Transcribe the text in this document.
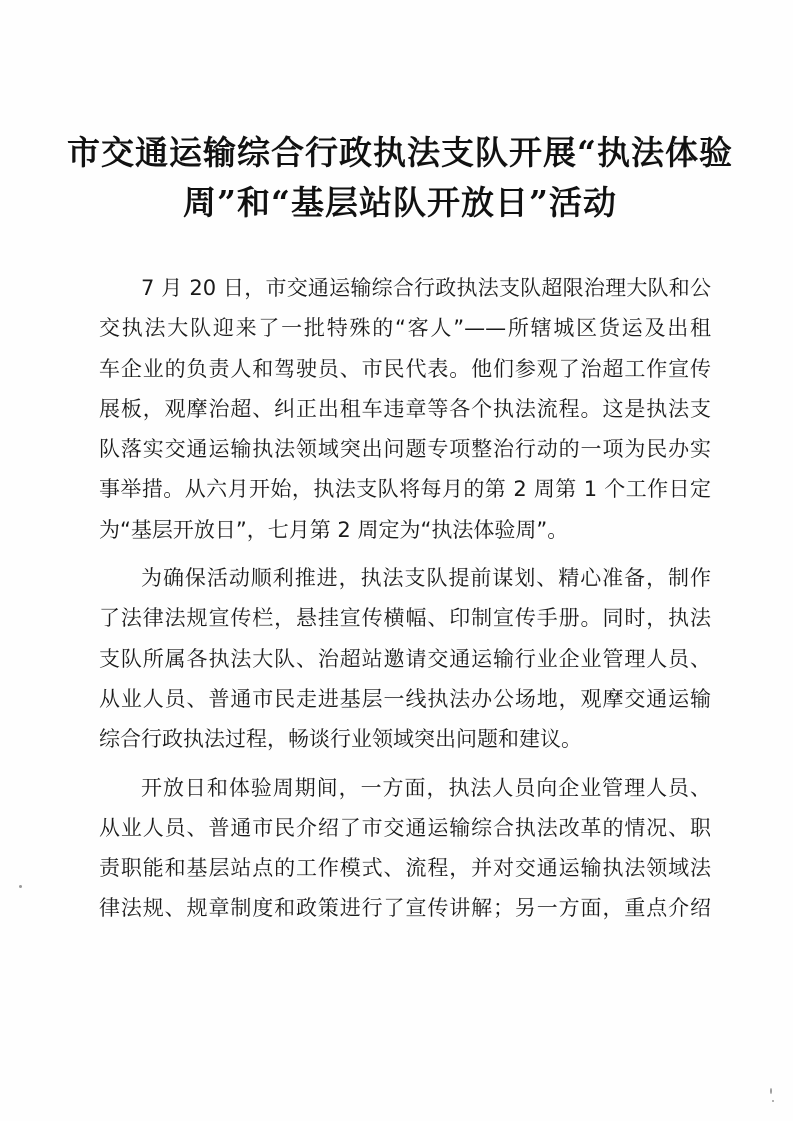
市交通运输综合行政执法支队开展“执法体验
周”和“基层站队开放日”活动
7 月 20 日，市交通运输综合行政执法支队超限治理大队和公
交执法大队迎来了一批特殊的“客人”——所辖城区货运及出租
车企业的负责人和驾驶员、市民代表。他们参观了治超工作宣传
展板，观摩治超、纠正出租车违章等各个执法流程。这是执法支
队落实交通运输执法领域突出问题专项整治行动的一项为民办实
事举措。从六月开始，执法支队将每月的第 2 周第 1 个工作日定
为“基层开放日”，七月第 2 周定为“执法体验周”。
为确保活动顺利推进，执法支队提前谋划、精心准备，制作
了法律法规宣传栏，悬挂宣传横幅、印制宣传手册。同时，执法
支队所属各执法大队、治超站邀请交通运输行业企业管理人员、
从业人员、普通市民走进基层一线执法办公场地，观摩交通运输
综合行政执法过程，畅谈行业领域突出问题和建议。
开放日和体验周期间，一方面，执法人员向企业管理人员、
从业人员、普通市民介绍了市交通运输综合执法改革的情况、职
责职能和基层站点的工作模式、流程，并对交通运输执法领域法
律法规、规章制度和政策进行了宣传讲解；另一方面，重点介绍
